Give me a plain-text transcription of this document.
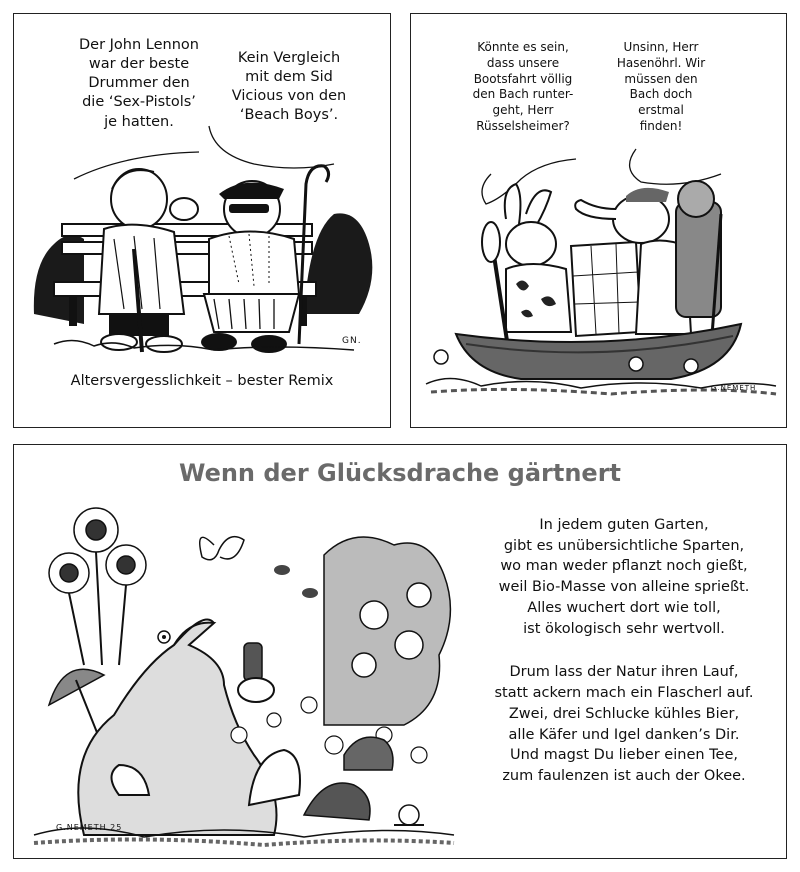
Der John Lennon
war der beste
Drummer den
die ‘Sex-Pistols’
je hatten.
Kein Vergleich
mit dem Sid
Vicious von den
‘Beach Boys’.
GN.
Altersvergesslichkeit – bester Remix
Könnte es sein,
dass unsere
Bootsfahrt völlig
den Bach runter-
geht, Herr
Rüsselsheimer?
Unsinn, Herr
Hasenöhrl. Wir
müssen den
Bach doch
erstmal
finden!
G.NEMETH
Wenn der Glücksdrache gärtnert
G.NEMETH 25
In jedem guten Garten,
gibt es unübersichtliche Sparten,
wo man weder pflanzt noch gießt,
weil Bio-Masse von alleine sprießt.
Alles wuchert dort wie toll,
ist ökologisch sehr wertvoll.
Drum lass der Natur ihren Lauf,
statt ackern mach ein Flascherl auf.
Zwei, drei Schlucke kühles Bier,
alle Käfer und Igel danken’s Dir.
Und magst Du lieber einen Tee,
zum faulenzen ist auch der Okee.
